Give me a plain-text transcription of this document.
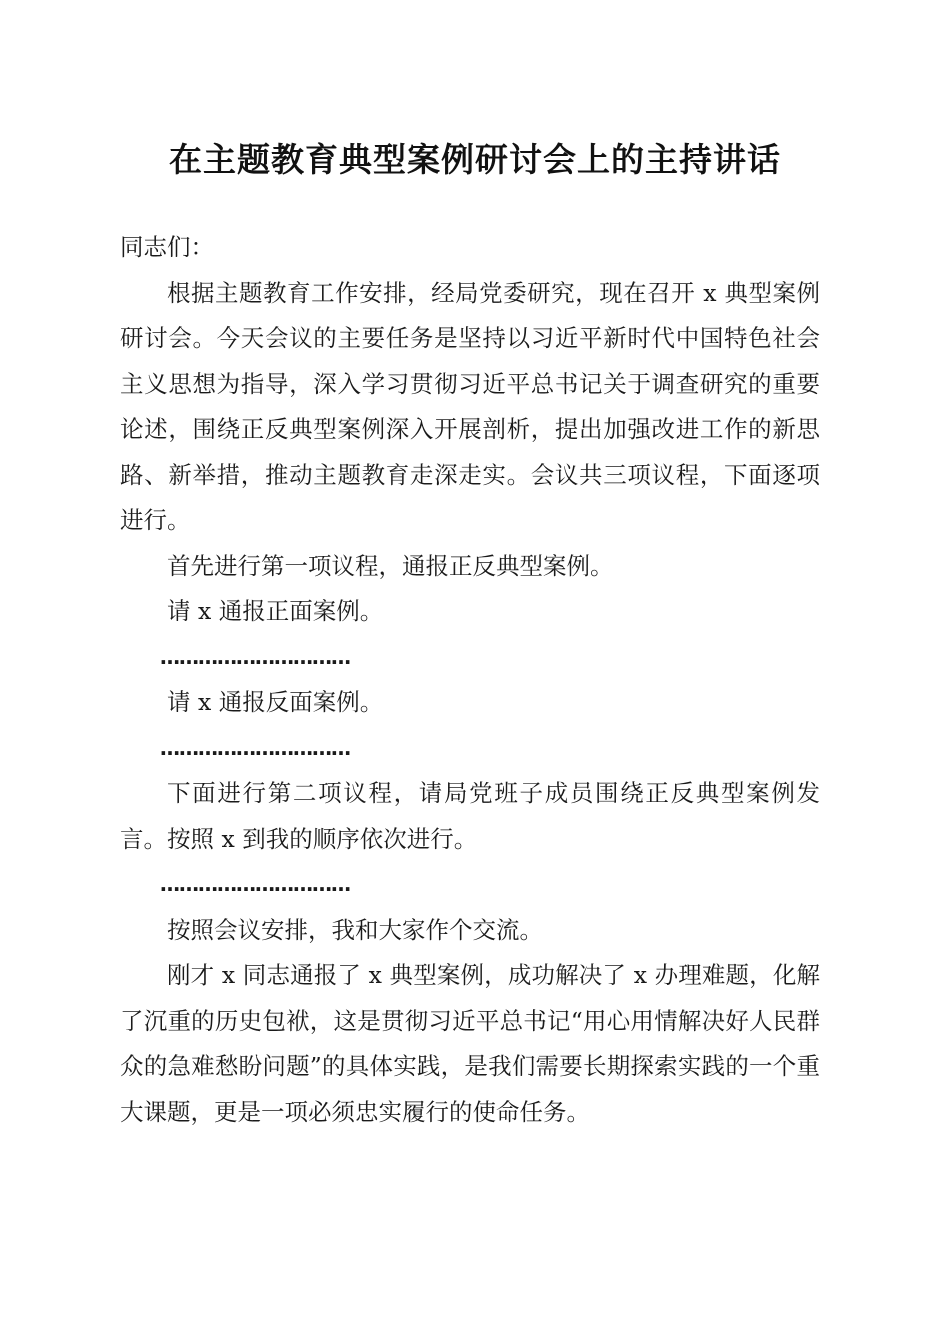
在主题教育典型案例研讨会上的主持讲话

同志们：

根据主题教育工作安排，经局党委研究，现在召开 x 典型案例研讨会。今天会议的主要任务是坚持以习近平新时代中国特色社会主义思想为指导，深入学习贯彻习近平总书记关于调查研究的重要论述，围绕正反典型案例深入开展剖析，提出加强改进工作的新思路、新举措，推动主题教育走深走实。会议共三项议程，下面逐项进行。

首先进行第一项议程，通报正反典型案例。

请 x 通报正面案例。

…………………………

请 x 通报反面案例。

…………………………

下面进行第二项议程，请局党班子成员围绕正反典型案例发言。按照 x 到我的顺序依次进行。

…………………………

按照会议安排，我和大家作个交流。

刚才 x 同志通报了 x 典型案例，成功解决了 x 办理难题，化解了沉重的历史包袱，这是贯彻习近平总书记“用心用情解决好人民群众的急难愁盼问题”的具体实践，是我们需要长期探索实践的一个重大课题，更是一项必须忠实履行的使命任务。
